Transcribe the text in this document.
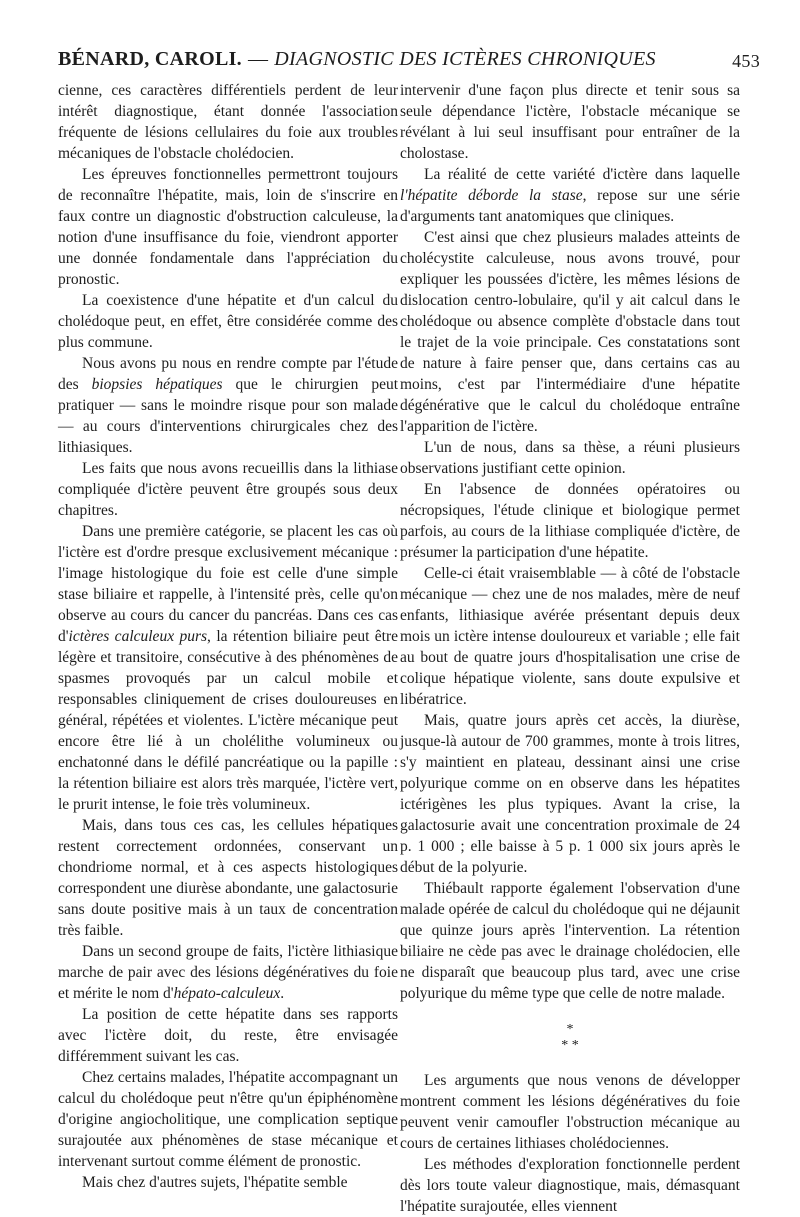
BÉNARD, CAROLI. — DIAGNOSTIC DES ICTÈRES CHRONIQUES	453

cienne, ces caractères différentiels perdent de leur intérêt diagnostique, étant donnée l'association fréquente de lésions cellulaires du foie aux troubles mécaniques de l'obstacle cholédocien.

Les épreuves fonctionnelles permettront toujours de reconnaître l'hépatite, mais, loin de s'inscrire en faux contre un diagnostic d'obstruction calculeuse, la notion d'une insuffisance du foie, viendront apporter une donnée fondamentale dans l'appréciation du pronostic.

La coexistence d'une hépatite et d'un calcul du cholédoque peut, en effet, être considérée comme des plus commune.

Nous avons pu nous en rendre compte par l'étude des biopsies hépatiques que le chirurgien peut pratiquer — sans le moindre risque pour son malade — au cours d'interventions chirurgicales chez des lithiasiques.

Les faits que nous avons recueillis dans la lithiase compliquée d'ictère peuvent être groupés sous deux chapitres.

Dans une première catégorie, se placent les cas où l'ictère est d'ordre presque exclusivement mécanique : l'image histologique du foie est celle d'une simple stase biliaire et rappelle, à l'intensité près, celle qu'on observe au cours du cancer du pancréas. Dans ces cas d'ictères calculeux purs, la rétention biliaire peut être légère et transitoire, consécutive à des phénomènes de spasmes provoqués par un calcul mobile et responsables cliniquement de crises douloureuses en général, répétées et violentes. L'ictère mécanique peut encore être lié à un cholélithe volumineux ou enchatonné dans le défilé pancréatique ou la papille : la rétention biliaire est alors très marquée, l'ictère vert, le prurit intense, le foie très volumineux.

Mais, dans tous ces cas, les cellules hépatiques restent correctement ordonnées, conservant un chondriome normal, et à ces aspects histologiques correspondent une diurèse abondante, une galactosurie sans doute positive mais à un taux de concentration très faible.

Dans un second groupe de faits, l'ictère lithiasique marche de pair avec des lésions dégénératives du foie et mérite le nom d'hépato-calculeux.

La position de cette hépatite dans ses rapports avec l'ictère doit, du reste, être envisagée différemment suivant les cas.

Chez certains malades, l'hépatite accompagnant un calcul du cholédoque peut n'être qu'un épiphénomène d'origine angiocholitique, une complication septique surajoutée aux phénomènes de stase mécanique et intervenant surtout comme élément de pronostic.

Mais chez d'autres sujets, l'hépatite semble

intervenir d'une façon plus directe et tenir sous sa seule dépendance l'ictère, l'obstacle mécanique se révélant à lui seul insuffisant pour entraîner de la cholostase.

La réalité de cette variété d'ictère dans laquelle l'hépatite déborde la stase, repose sur une série d'arguments tant anatomiques que cliniques.

C'est ainsi que chez plusieurs malades atteints de cholécystite calculeuse, nous avons trouvé, pour expliquer les poussées d'ictère, les mêmes lésions de dislocation centro-lobulaire, qu'il y ait calcul dans le cholédoque ou absence complète d'obstacle dans tout le trajet de la voie principale. Ces constatations sont de nature à faire penser que, dans certains cas au moins, c'est par l'intermédiaire d'une hépatite dégénérative que le calcul du cholédoque entraîne l'apparition de l'ictère.

L'un de nous, dans sa thèse, a réuni plusieurs observations justifiant cette opinion.

En l'absence de données opératoires ou nécropsiques, l'étude clinique et biologique permet parfois, au cours de la lithiase compliquée d'ictère, de présumer la participation d'une hépatite.

Celle-ci était vraisemblable — à côté de l'obstacle mécanique — chez une de nos malades, mère de neuf enfants, lithiasique avérée présentant depuis deux mois un ictère intense douloureux et variable ; elle fait au bout de quatre jours d'hospitalisation une crise de colique hépatique violente, sans doute expulsive et libératrice.

Mais, quatre jours après cet accès, la diurèse, jusque-là autour de 700 grammes, monte à trois litres, s'y maintient en plateau, dessinant ainsi une crise polyurique comme on en observe dans les hépatites ictérigènes les plus typiques. Avant la crise, la galactosurie avait une concentration proximale de 24 p. 1 000 ; elle baisse à 5 p. 1 000 six jours après le début de la polyurie.

Thiébault rapporte également l'observation d'une malade opérée de calcul du cholédoque qui ne déjaunit que quinze jours après l'intervention. La rétention biliaire ne cède pas avec le drainage cholédocien, elle ne disparaît que beaucoup plus tard, avec une crise polyurique du même type que celle de notre malade.

*
* *

Les arguments que nous venons de développer montrent comment les lésions dégénératives du foie peuvent venir camoufler l'obstruction mécanique au cours de certaines lithiases cholédociennes.

Les méthodes d'exploration fonctionnelle perdent dès lors toute valeur diagnostique, mais, démasquant l'hépatite surajoutée, elles viennent
